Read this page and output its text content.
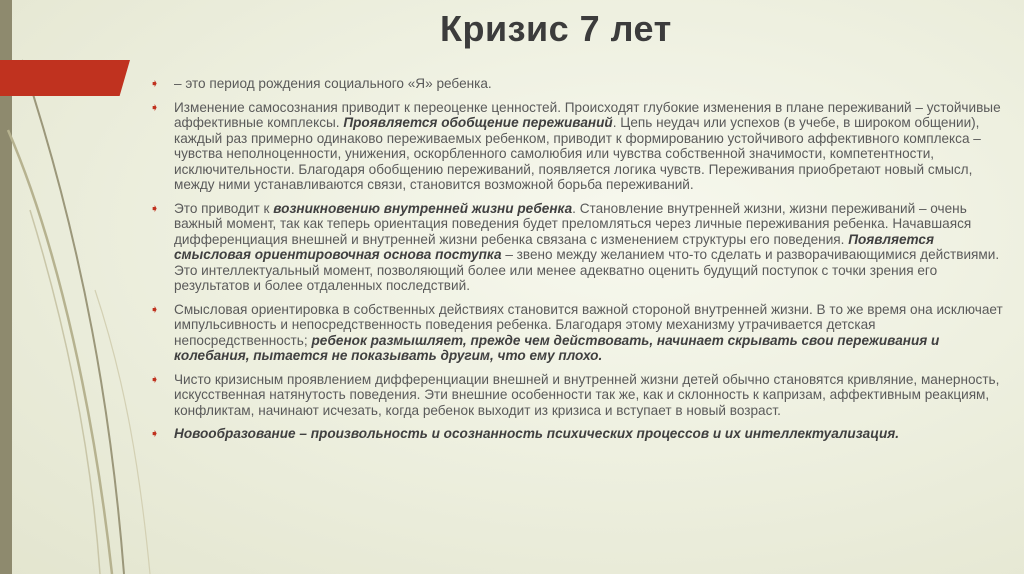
Кризис 7 лет
➧ – это период рождения социального «Я» ребенка.
➧ Изменение самосознания приводит к переоценке ценностей. Происходят глубокие изменения в плане переживаний – устойчивые аффективные комплексы. Проявляется обобщение переживаний. Цепь неудач или успехов (в учебе, в широком общении), каждый раз примерно одинаково переживаемых ребенком, приводит к формированию устойчивого аффективного комплекса – чувства неполноценности, унижения, оскорбленного самолюбия или чувства собственной значимости, компетентности, исключительности. Благодаря обобщению переживаний, появляется логика чувств. Переживания приобретают новый смысл, между ними устанавливаются связи, становится возможной борьба переживаний.
➧ Это приводит к возникновению внутренней жизни ребенка. Становление внутренней жизни, жизни переживаний – очень важный момент, так как теперь ориентация поведения будет преломляться через личные переживания ребенка. Начавшаяся дифференциация внешней и внутренней жизни ребенка связана с изменением структуры его поведения. Появляется смысловая ориентировочная основа поступка – звено между желанием что-то сделать и разворачивающимися действиями. Это интеллектуальный момент, позволяющий более или менее адекватно оценить будущий поступок с точки зрения его результатов и более отдаленных последствий.
➧ Смысловая ориентировка в собственных действиях становится важной стороной внутренней жизни. В то же время она исключает импульсивность и непосредственность поведения ребенка. Благодаря этому механизму утрачивается детская непосредственность; ребенок размышляет, прежде чем действовать, начинает скрывать свои переживания и колебания, пытается не показывать другим, что ему плохо.
➧ Чисто кризисным проявлением дифференциации внешней и внутренней жизни детей обычно становятся кривляние, манерность, искусственная натянутость поведения. Эти внешние особенности так же, как и склонность к капризам, аффективным реакциям, конфликтам, начинают исчезать, когда ребенок выходит из кризиса и вступает в новый возраст.
➧ Новообразование – произвольность и осознанность психических процессов и их интеллектуализация.
